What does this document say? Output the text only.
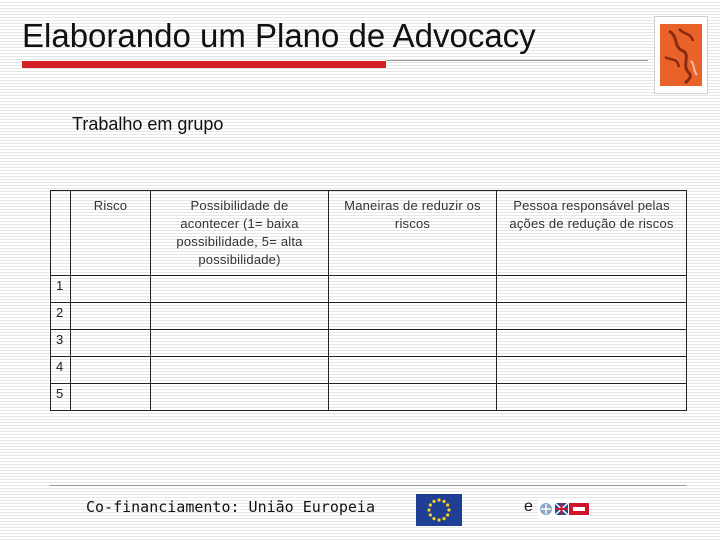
Elaborando um Plano de Advocacy
Trabalho em grupo
	Risco	Possibilidade de acontecer (1= baixa possibilidade, 5= alta possibilidade)	Maneiras de reduzir os riscos	Pessoa responsável pelas ações de redução de riscos
1				
2				
3				
4				
5				
Co-financiamento: União Europeia	e
